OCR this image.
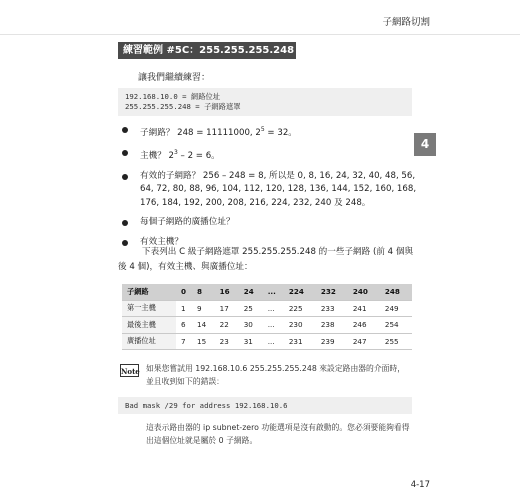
子網路切割
4
練習範例 #5C：255.255.255.248 (/29)
讓我們繼續練習：
192.168.10.0 = 網路位址
255.255.255.248 = 子網路遮罩
子網路？ 248 = 11111000, $2^5 = 32$。
主機？ $2^3 - 2 = 6$。
有效的子網路？ 256 – 248 = 8, 所以是 0, 8, 16, 24, 32, 40, 48, 56, 64, 72, 80, 88, 96, 104, 112, 120, 128, 136, 144, 152, 160, 168, 176, 184, 192, 200, 208, 216, 224, 232, 240 及 248。
每個子網路的廣播位址？
有效主機？
下表列出 C 級子網路遮罩 255.255.255.248 的一些子網路 (前 4 個與後 4 個)，有效主機、與廣播位址：
子網路	0	8	16	24	...	224	232	240	248
第一主機	1	9	17	25	...	225	233	241	249
最後主機	6	14	22	30	...	230	238	246	254
廣播位址	7	15	23	31	...	231	239	247	255
Note 如果您嘗試用 192.168.10.6 255.255.255.248 來設定路由器的介面時，並且收到如下的錯誤：
Bad mask /29 for address 192.168.10.6
這表示路由器的 ip subnet-zero 功能選項是沒有啟動的。您必須要能夠看得出這個位址就是屬於 0 子網路。
4-17
